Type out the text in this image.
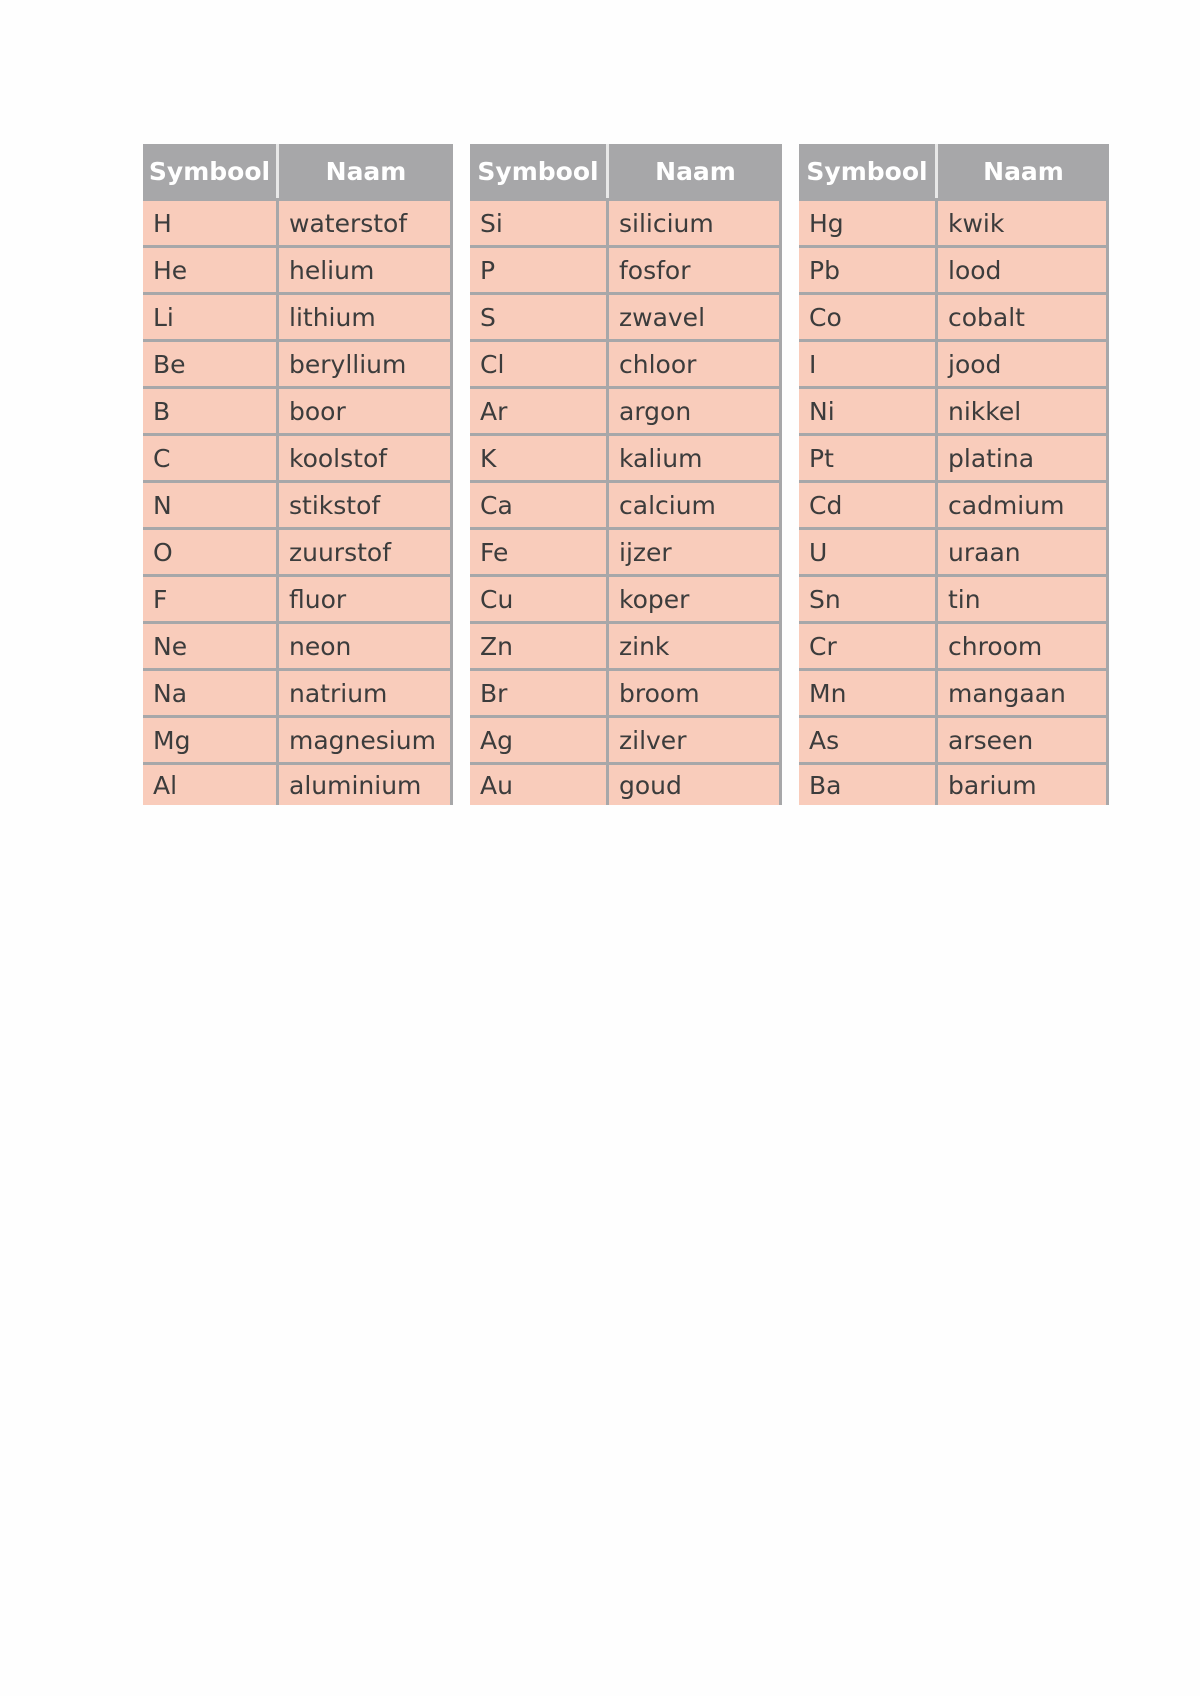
Symbool	Naam
H	waterstof
He	helium
Li	lithium
Be	beryllium
B	boor
C	koolstof
N	stikstof
O	zuurstof
F	fluor
Ne	neon
Na	natrium
Mg	magnesium
Al	aluminium
Symbool	Naam
Si	silicium
P	fosfor
S	zwavel
Cl	chloor
Ar	argon
K	kalium
Ca	calcium
Fe	ijzer
Cu	koper
Zn	zink
Br	broom
Ag	zilver
Au	goud
Symbool	Naam
Hg	kwik
Pb	lood
Co	cobalt
I	jood
Ni	nikkel
Pt	platina
Cd	cadmium
U	uraan
Sn	tin
Cr	chroom
Mn	mangaan
As	arseen
Ba	barium
